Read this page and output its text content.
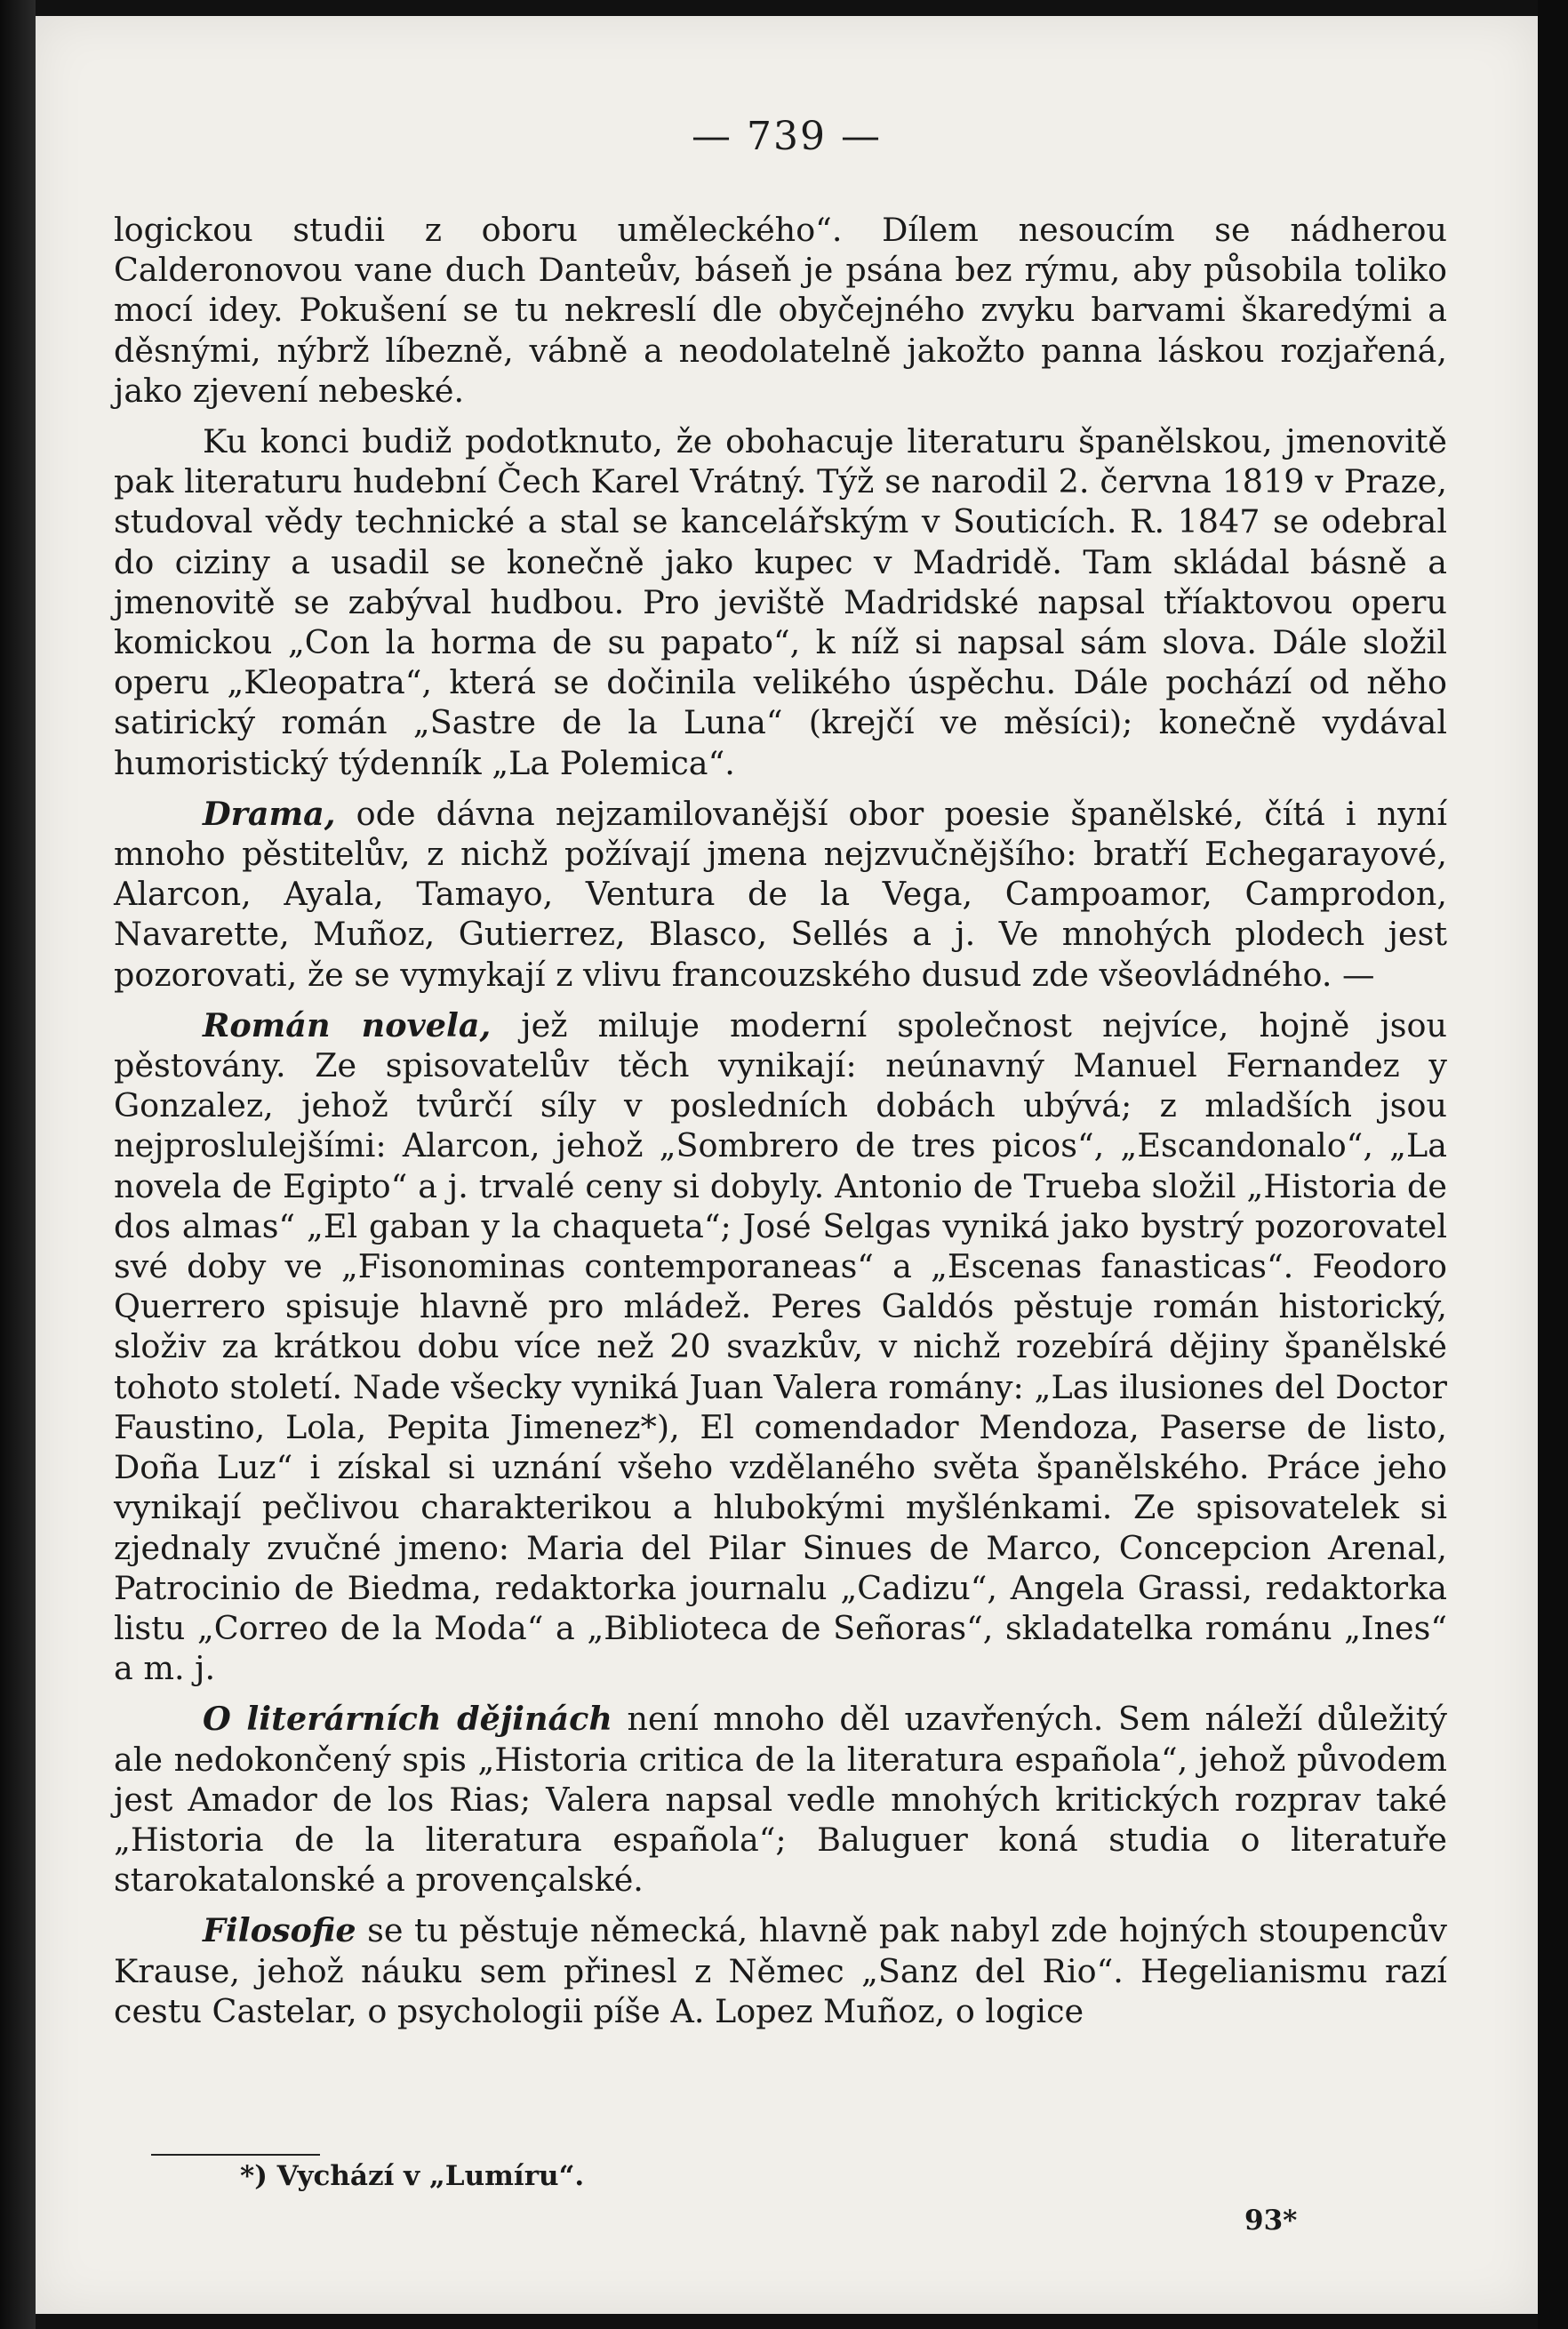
— 739 —

logickou studii z oboru uměleckého“. Dílem nesoucím se nádherou Calderonovou vane duch Danteův, báseň je psána bez rýmu, aby působila toliko mocí idey. Pokušení se tu nekreslí dle obyčejného zvyku barvami škaredými a děsnými, nýbrž líbezně, vábně a neodolatelně jakožto panna láskou rozjařená, jako zjevení nebeské.

Ku konci budiž podotknuto, že obohacuje literaturu španělskou, jmenovitě pak literaturu hudební Čech Karel Vrátný. Týž se narodil 2. června 1819 v Praze, studoval vědy technické a stal se kancelářským v Souticích. R. 1847 se odebral do ciziny a usadil se konečně jako kupec v Madridě. Tam skládal básně a jmenovitě se zabýval hudbou. Pro jeviště Madridské napsal tříaktovou operu komickou „Con la horma de su papato“, k níž si napsal sám slova. Dále složil operu „Kleopatra“, která se dočinila velikého úspěchu. Dále pochází od něho satirický román „Sastre de la Luna“ (krejčí ve měsíci); konečně vydával humoristický týdenník „La Polemica“.

Drama, ode dávna nejzamilovanější obor poesie španělské, čítá i nyní mnoho pěstitelův, z nichž požívají jmena nejzvučnějšího: bratří Echegarayové, Alarcon, Ayala, Tamayo, Ventura de la Vega, Campoamor, Camprodon, Navarette, Muñoz, Gutierrez, Blasco, Sellés a j. Ve mnohých plodech jest pozorovati, že se vymykají z vlivu francouzského dusud zde všeovládného. —

Román novela, jež miluje moderní společnost nejvíce, hojně jsou pěstovány. Ze spisovatelův těch vynikají: neúnavný Manuel Fernandez y Gonzalez, jehož tvůrčí síly v posledních dobách ubývá; z mladších jsou nejproslulejšími: Alarcon, jehož „Sombrero de tres picos“, „Escandonalo“, „La novela de Egipto“ a j. trvalé ceny si dobyly. Antonio de Trueba složil „Historia de dos almas“ „El gaban y la chaqueta“; José Selgas vyniká jako bystrý pozorovatel své doby ve „Fisonominas contemporaneas“ a „Escenas fanasticas“. Feodoro Querrero spisuje hlavně pro mládež. Peres Galdós pěstuje román historický, složiv za krátkou dobu více než 20 svazkův, v nichž rozebírá dějiny španělské tohoto století. Nade všecky vyniká Juan Valera romány: „Las ilusiones del Doctor Faustino, Lola, Pepita Jimenez*), El comendador Mendoza, Paserse de listo, Doña Luz“ i získal si uznání všeho vzdělaného světa španělského. Práce jeho vynikají pečlivou charakterikou a hlubokými myšlénkami. Ze spisovatelek si zjednaly zvučné jmeno: Maria del Pilar Sinues de Marco, Concepcion Arenal, Patrocinio de Biedma, redaktorka journalu „Cadizu“, Angela Grassi, redaktorka listu „Correo de la Moda“ a „Biblioteca de Señoras“, skladatelka románu „Ines“ a m. j.

O literárních dějinách není mnoho děl uzavřených. Sem náleží důležitý ale nedokončený spis „Historia critica de la literatura española“, jehož původem jest Amador de los Rias; Valera napsal vedle mnohých kritických rozprav také „Historia de la literatura española“; Baluguer koná studia o literatuře starokatalonské a provençalské.

Filosofie se tu pěstuje německá, hlavně pak nabyl zde hojných stoupencův Krause, jehož náuku sem přinesl z Němec „Sanz del Rio“. Hegelianismu razí cestu Castelar, o psychologii píše A. Lopez Muñoz, o logice

*) Vychází v „Lumíru“.
93*
